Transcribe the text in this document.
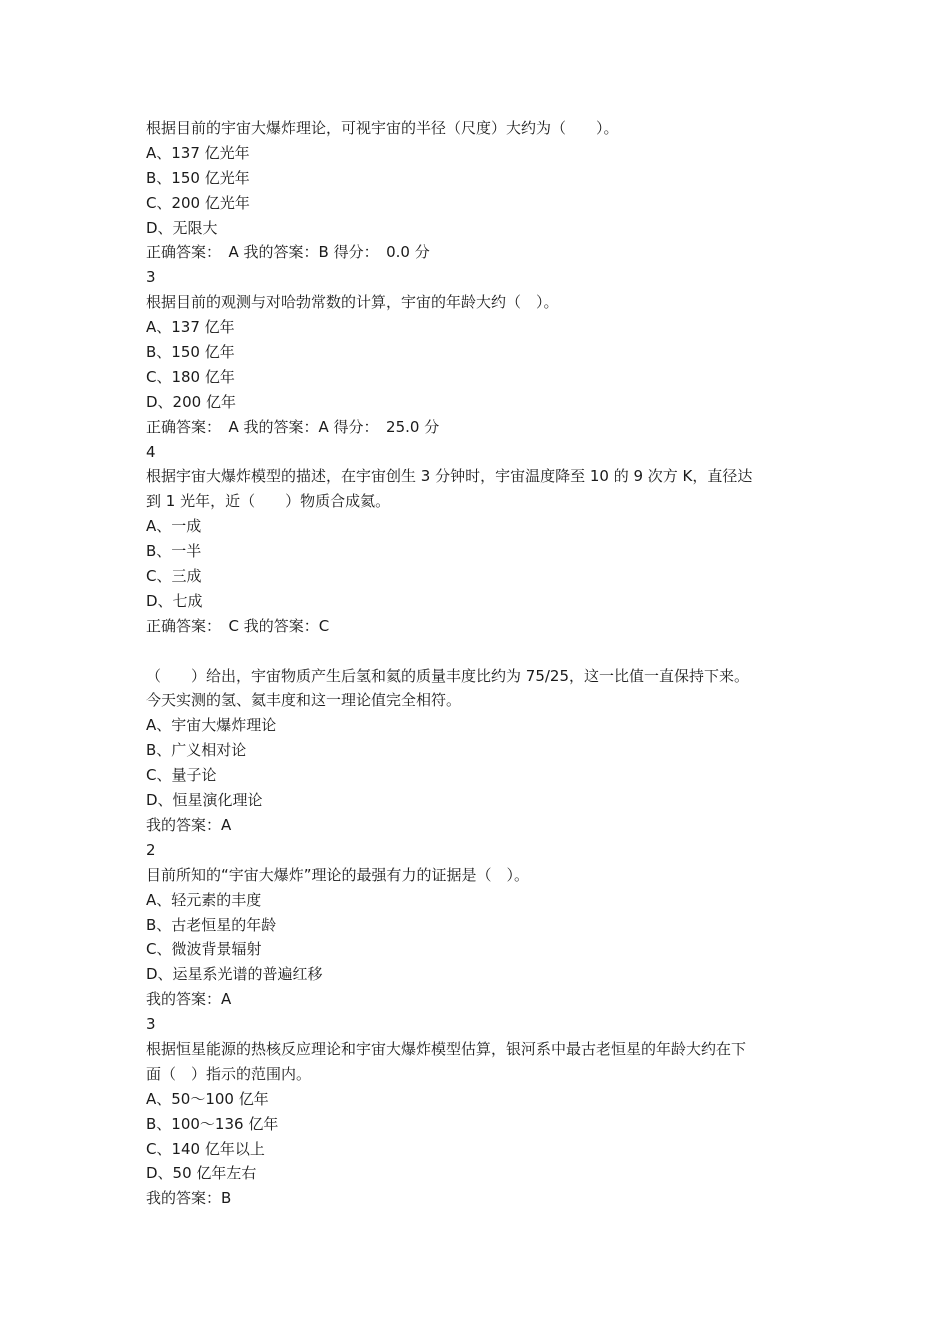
根据目前的宇宙大爆炸理论，可视宇宙的半径（尺度）大约为（　　）。
A、137 亿光年
B、150 亿光年
C、200 亿光年
D、无限大
正确答案：　A 我的答案：B 得分：　0.0 分
3
根据目前的观测与对哈勃常数的计算，宇宙的年龄大约（　）。
A、137 亿年
B、150 亿年
C、180 亿年
D、200 亿年
正确答案：　A 我的答案：A 得分：　25.0 分
4
根据宇宙大爆炸模型的描述，在宇宙创生 3 分钟时，宇宙温度降至 10 的 9 次方 K，直径达
到 1 光年，近（　　）物质合成氦。
A、一成
B、一半
C、三成
D、七成
正确答案：　C 我的答案：C
（　　）给出，宇宙物质产生后氢和氦的质量丰度比约为 75/25，这一比值一直保持下来。
今天实测的氢、氦丰度和这一理论值完全相符。
A、宇宙大爆炸理论
B、广义相对论
C、量子论
D、恒星演化理论
我的答案：A
2
目前所知的“宇宙大爆炸”理论的最强有力的证据是（　）。
A、轻元素的丰度
B、古老恒星的年龄
C、微波背景辐射
D、运星系光谱的普遍红移
我的答案：A
3
根据恒星能源的热核反应理论和宇宙大爆炸模型估算，银河系中最古老恒星的年龄大约在下
面（　）指示的范围内。
A、50～100 亿年
B、100～136 亿年
C、140 亿年以上
D、50 亿年左右
我的答案：B
